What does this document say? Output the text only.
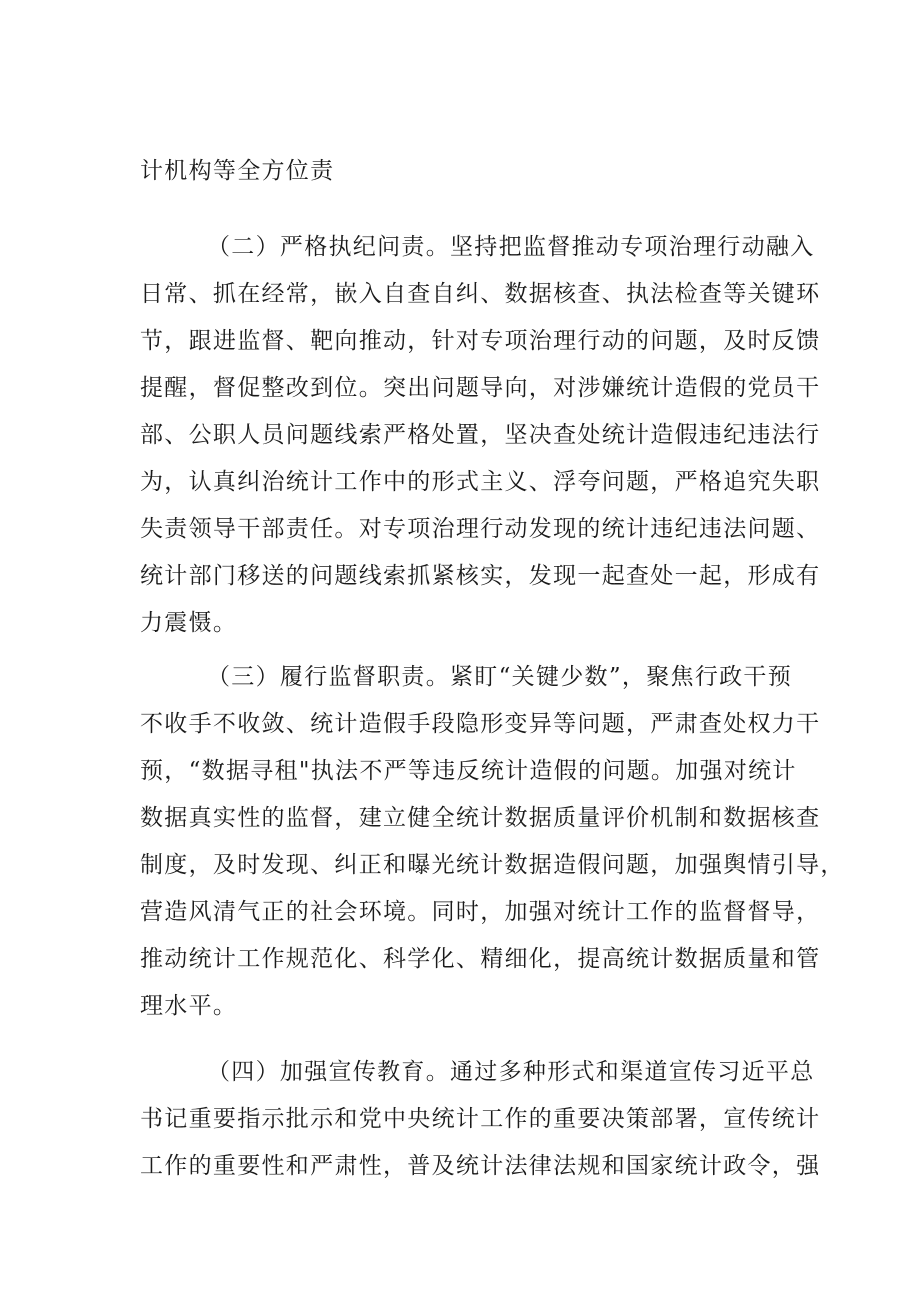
计机构等全方位责
（二）严格执纪问责。坚持把监督推动专项治理行动融入
日常、抓在经常，嵌入自查自纠、数据核查、执法检查等关键环
节，跟进监督、靶向推动，针对专项治理行动的问题，及时反馈
提醒，督促整改到位。突出问题导向，对涉嫌统计造假的党员干
部、公职人员问题线索严格处置，坚决查处统计造假违纪违法行
为，认真纠治统计工作中的形式主义、浮夸问题，严格追究失职
失责领导干部责任。对专项治理行动发现的统计违纪违法问题、
统计部门移送的问题线索抓紧核实，发现一起查处一起，形成有
力震慑。
（三）履行监督职责。紧盯“关键少数”，聚焦行政干预
不收手不收敛、统计造假手段隐形变异等问题，严肃查处权力干
预，“数据寻租"执法不严等违反统计造假的问题。加强对统计
数据真实性的监督，建立健全统计数据质量评价机制和数据核查
制度，及时发现、纠正和曝光统计数据造假问题，加强舆情引导，
营造风清气正的社会环境。同时，加强对统计工作的监督督导，
推动统计工作规范化、科学化、精细化，提高统计数据质量和管
理水平。
（四）加强宣传教育。通过多种形式和渠道宣传习近平总
书记重要指示批示和党中央统计工作的重要决策部署，宣传统计
工作的重要性和严肃性，普及统计法律法规和国家统计政令，强
